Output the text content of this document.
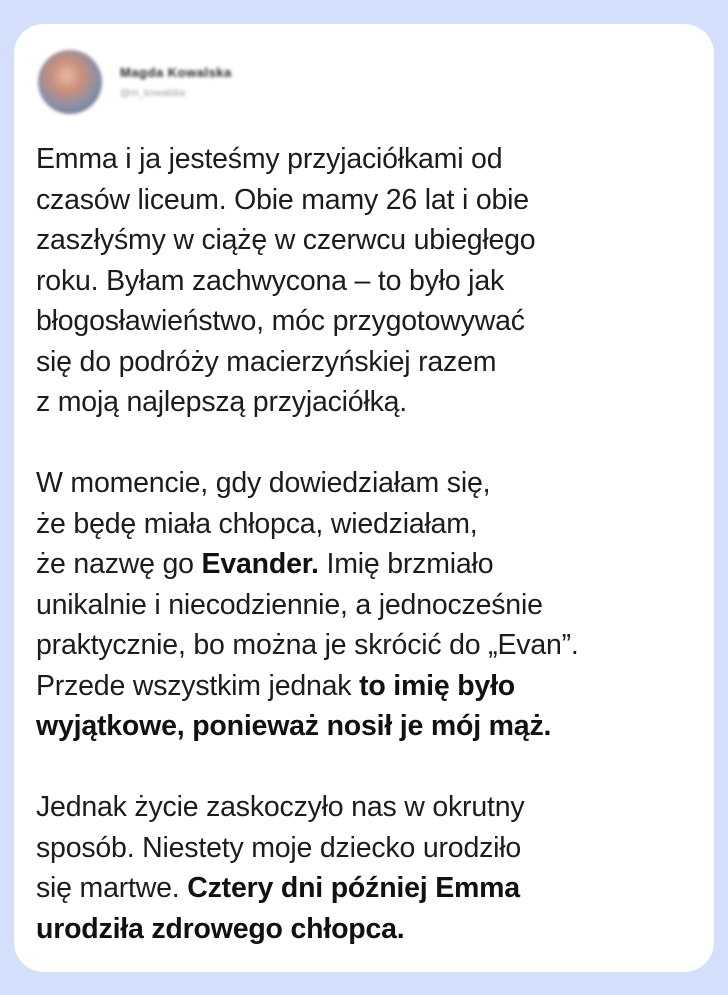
Magda Kowalska
@m_kowalska

Emma i ja jesteśmy przyjaciółkami od
czasów liceum. Obie mamy 26 lat i obie
zaszłyśmy w ciążę w czerwcu ubiegłego
roku. Byłam zachwycona – to było jak
błogosławieństwo, móc przygotowywać
się do podróży macierzyńskiej razem
z moją najlepszą przyjaciółką.

W momencie, gdy dowiedziałam się,
że będę miała chłopca, wiedziałam,
że nazwę go Evander. Imię brzmiało
unikalnie i niecodziennie, a jednocześnie
praktycznie, bo można je skrócić do „Evan”.
Przede wszystkim jednak to imię było
wyjątkowe, ponieważ nosił je mój mąż.

Jednak życie zaskoczyło nas w okrutny
sposób. Niestety moje dziecko urodziło
się martwe. Cztery dni później Emma
urodziła zdrowego chłopca.
